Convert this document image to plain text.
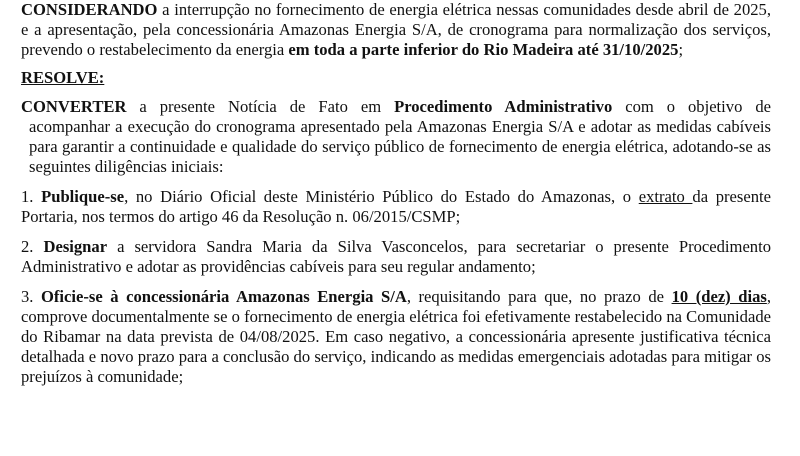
CONSIDERANDO a interrupção no fornecimento de energia elétrica nessas comunidades desde abril de 2025, e a apresentação, pela concessionária Amazonas Energia S/A, de cronograma para normalização dos serviços, prevendo o restabelecimento da energia em toda a parte inferior do Rio Madeira até 31/10/2025;

RESOLVE:

CONVERTER a presente Notícia de Fato em Procedimento Administrativo com o objetivo de

acompanhar a execução do cronograma apresentado pela Amazonas Energia S/A e adotar as medidas cabíveis para garantir a continuidade e qualidade do serviço público de fornecimento de energia elétrica, adotando-se as seguintes diligências iniciais:

1. Publique-se, no Diário Oficial deste Ministério Público do Estado do Amazonas, o extrato da presente Portaria, nos termos do artigo 46 da Resolução n. 06/2015/CSMP;

2. Designar a servidora Sandra Maria da Silva Vasconcelos, para secretariar o presente Procedimento Administrativo e adotar as providências cabíveis para seu regular andamento;

3. Oficie-se à concessionária Amazonas Energia S/A, requisitando para que, no prazo de 10 (dez) dias, comprove documentalmente se o fornecimento de energia elétrica foi efetivamente restabelecido na Comunidade do Ribamar na data prevista de 04/08/2025. Em caso negativo, a concessionária apresente justificativa técnica detalhada e novo prazo para a conclusão do serviço, indicando as medidas emergenciais adotadas para mitigar os prejuízos à comunidade;
